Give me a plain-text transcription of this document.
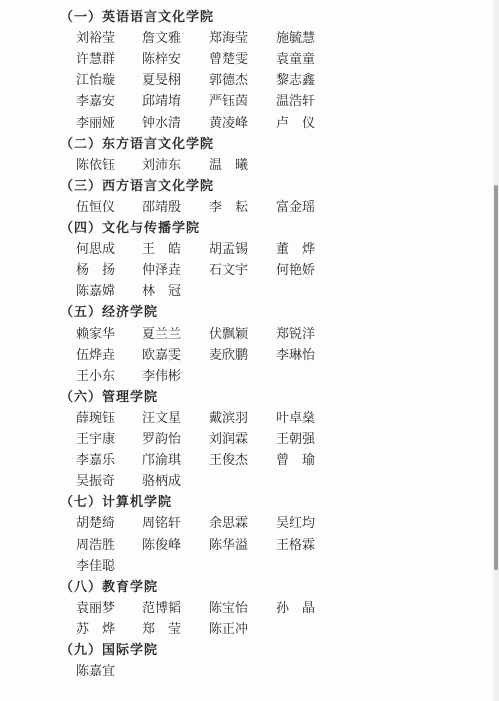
（一）英语语言文化学院
刘裕莹 詹文雅 郑海莹 施毓慧
许慧群 陈梓安 曾楚雯 袁童童
江怡璇 夏旻栩 郭德杰 黎志鑫
李嘉安 邱靖堉 严钰茵 温浩轩
李丽娅 钟水清 黄凌峰 卢　仪
（二）东方语言文化学院
陈依钰 刘沛东 温　曦
（三）西方语言文化学院
伍恒仪 邵靖殷 李　耘 富金瑶
（四）文化与传播学院
何思成 王　皓 胡孟锡 董　烨
杨　扬 仲泽垚 石文宇 何艳娇
陈嘉嫦 林　冠
（五）经济学院
赖家华 夏兰兰 伏飘颖 郑锐洋
伍烨垚 欧嘉雯 麦欣鹏 李琳怡
王小东 李伟彬
（六）管理学院
薛琬钰 汪文星 戴滨羽 叶卓燊
王宇康 罗韵怡 刘润霖 王朝强
李嘉乐 邝渝琪 王俊杰 曾　瑜
吴振奇 骆柄成
（七）计算机学院
胡楚绮 周铭轩 余思霖 吴红均
周浩胜 陈俊峰 陈华溢 王格霖
李佳聪
（八）教育学院
袁丽梦 范博韬 陈宝怡 孙　晶
苏　烨 郑　莹 陈正冲
（九）国际学院
陈嘉宜
